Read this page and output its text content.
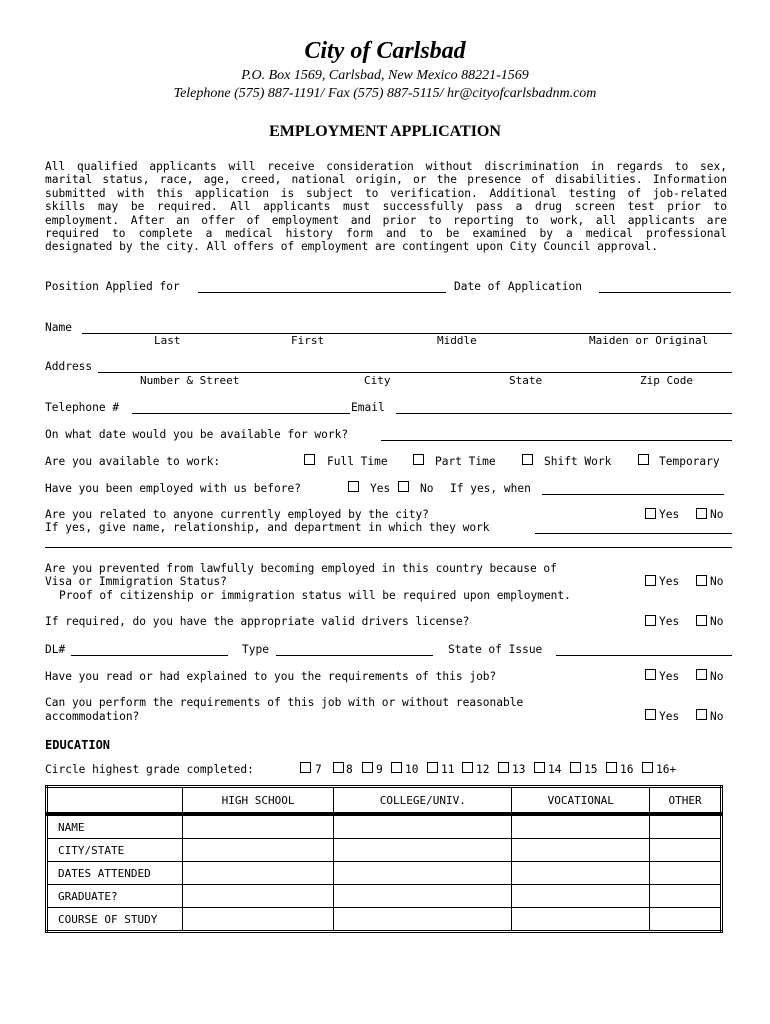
City of Carlsbad
P.O. Box 1569, Carlsbad, New Mexico 88221-1569
Telephone (575) 887-1191/ Fax (575) 887-5115/ hr@cityofcarlsbadnm.com
EMPLOYMENT APPLICATION
All qualified applicants will receive consideration without discrimination in regards to sex,
marital status, race, age, creed, national origin, or the presence of disabilities. Information
submitted with this application is subject to verification. Additional testing of job-related
skills may be required. All applicants must successfully pass a drug screen test prior to
employment. After an offer of employment and prior to reporting to work, all applicants are
required to complete a medical history form and to be examined by a medical professional
designated by the city. All offers of employment are contingent upon City Council approval.
Position Applied for	Date of Application
Name
Last	First	Middle	Maiden or Original
Address
Number & Street	City	State	Zip Code
Telephone #	Email
On what date would you be available for work?
Are you available to work:	Full Time	Part Time	Shift Work	Temporary
Have you been employed with us before?	Yes	No If yes, when
Are you related to anyone currently employed by the city?	Yes	No
If yes, give name, relationship, and department in which they work
Are you prevented from lawfully becoming employed in this country because of
Visa or Immigration Status?	Yes	No
Proof of citizenship or immigration status will be required upon employment.
If required, do you have the appropriate valid drivers license?	Yes	No
DL#	Type	State of Issue
Have you read or had explained to you the requirements of this job?	Yes	No
Can you perform the requirements of this job with or without reasonable
accommodation?	Yes	No
EDUCATION
Circle highest grade completed:	7 8 9 10 11 12 13 14 15 16 16+
	HIGH SCHOOL	COLLEGE/UNIV.	VOCATIONAL	OTHER
NAME				
CITY/STATE				
DATES ATTENDED				
GRADUATE?				
COURSE OF STUDY				
